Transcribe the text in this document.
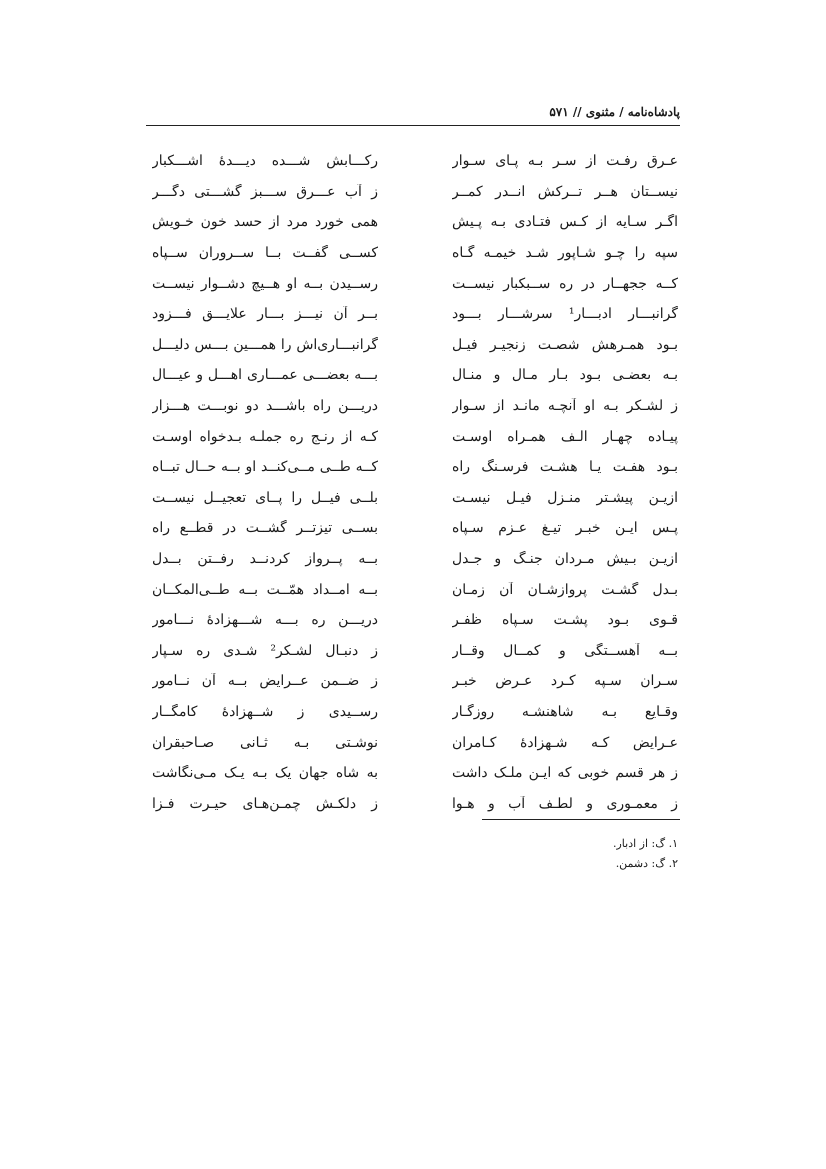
پادشاه‌نامه / مثنوی // ۵۷۱
عـرق رفـت از سـر بـه پـای سـوار
رکـــابش شـــده دیـــدهٔ اشـــکبار
نیســتان هــر تــرکش انــدر کمــر
ز آب عـــرق ســـبز گشـــتی دگـــر
اگـر سـایه از کـس فتـادی بـه پـیش
همی خورد مرد از حسد خون خـویش
سپه را چـو شـاپور شـد خیمـه گـاه
کســی گفــت بــا ســروران ســپاه
کــه ججهــار در ره ســبکبار نیســت
رســیدن بــه او هــیچ دشــوار نیســت
گرانبـــار ادبـــار¹ سرشـــار بـــود
بــر آن نیـــز بـــار علایـــق فـــزود
بـود همـرهش شصـت زنجیـر فیـل
گرانبـــاری‌اش را همـــین بـــس دلیـــل
بـه بعضـی بـود بـار مـال و منـال
بـــه بعضـــی عمـــاری اهـــل و عیـــال
ز لشـکر بـه او آنچـه مانـد از سـوار
دریـــن راه باشـــد دو نوبـــت هـــزار
پیـاده چهـار الـف همـراه اوسـت
کـه از رنـج ره جملـه بـدخواه اوسـت
بـود هفـت یـا هشـت فرسـنگ راه
کــه طــی مــی‌کنــد او بــه حــال تبــاه
ازیـن پیشـتر منـزل فیـل نیسـت
بلــی فیــل را پــای تعجیــل نیســت
پـس ایـن خبـر تیـغ عـزم سـپاه
بســی تیزتــر گشــت در قطــع راه
ازیـن بـیش مـردان جنـگ و جـدل
بــه پــرواز کردنــد رفــتن بــدل
بـدل گشـت پروازشـان آن زمـان
بــه امــداد همّــت بــه طــی‌المکــان
قـوی بـود پشـت سـپاه ظفـر
دریـــن ره بـــه شـــهزادهٔ نـــامور
بــه آهســتگی و کمــال وقــار
ز دنبـال لشـکر² شـدی ره سـپار
سـران سـپه کـرد عـرض خبـر
ز ضــمن عــرایض بــه آن نــامور
وقـایع بـه شاهنشـه روزگـار
رســیدی ز شــهزادهٔ کامگــار
عـرایض کـه شـهزادهٔ کـامران
نوشـتی بـه ثـانی صـاحبقران
ز هر قسم خوبی که ایـن ملـک داشت
به شاه جهان یک بـه یـک مـی‌نگاشت
ز معمـوری و لطـف آب و هـوا
ز دلکـش چمـن‌هـای حیـرت فـزا
۱. گ: از ادبار.
۲. گ: دشمن.
